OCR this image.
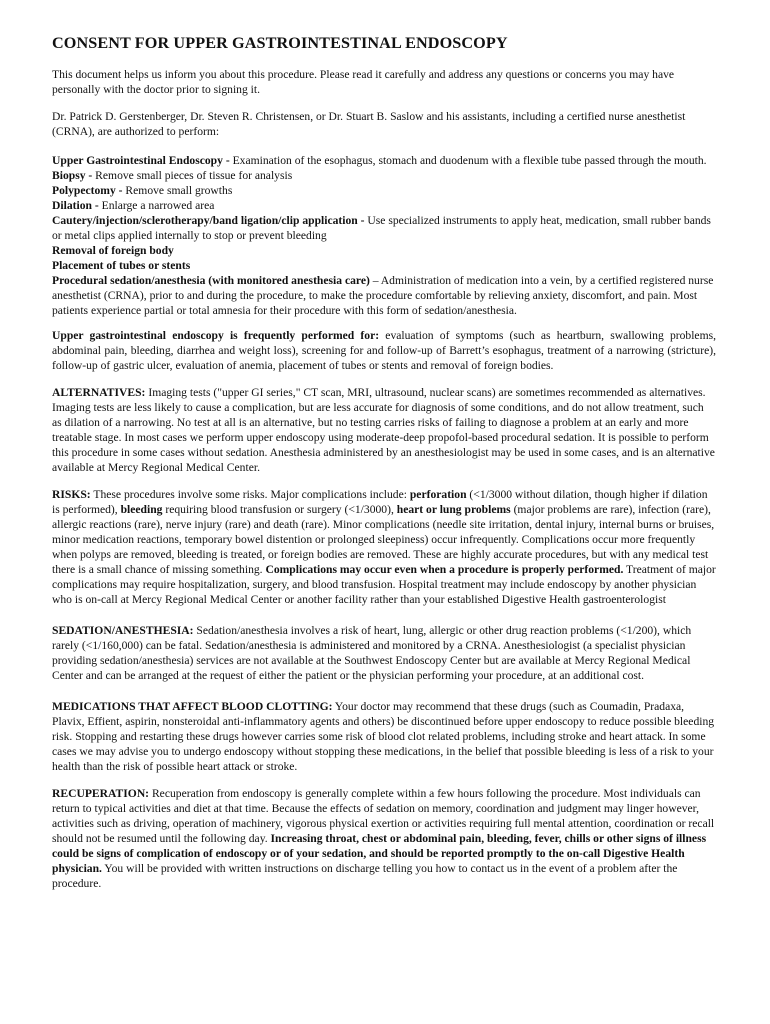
CONSENT FOR UPPER GASTROINTESTINAL ENDOSCOPY

This document helps us inform you about this procedure. Please read it carefully and address any questions or concerns you may have personally with the doctor prior to signing it.

Dr. Patrick D. Gerstenberger, Dr. Steven R. Christensen, or Dr. Stuart B. Saslow and his assistants, including a certified nurse anesthetist (CRNA), are authorized to perform:

Upper Gastrointestinal Endoscopy - Examination of the esophagus, stomach and duodenum with a flexible tube passed through the mouth.
Biopsy - Remove small pieces of tissue for analysis
Polypectomy - Remove small growths
Dilation - Enlarge a narrowed area
Cautery/injection/sclerotherapy/band ligation/clip application - Use specialized instruments to apply heat, medication, small rubber bands or metal clips applied internally to stop or prevent bleeding
Removal of foreign body
Placement of tubes or stents
Procedural sedation/anesthesia (with monitored anesthesia care) – Administration of medication into a vein, by a certified registered nurse anesthetist (CRNA), prior to and during the procedure, to make the procedure comfortable by relieving anxiety, discomfort, and pain. Most patients experience partial or total amnesia for their procedure with this form of sedation/anesthesia.

Upper gastrointestinal endoscopy is frequently performed for: evaluation of symptoms (such as heartburn, swallowing problems, abdominal pain, bleeding, diarrhea and weight loss), screening for and follow-up of Barrett’s esophagus, treatment of a narrowing (stricture), follow-up of gastric ulcer, evaluation of anemia, placement of tubes or stents and removal of foreign bodies.

ALTERNATIVES: Imaging tests ("upper GI series," CT scan, MRI, ultrasound, nuclear scans) are sometimes recommended as alternatives. Imaging tests are less likely to cause a complication, but are less accurate for diagnosis of some conditions, and do not allow treatment, such as dilation of a narrowing. No test at all is an alternative, but no testing carries risks of failing to diagnose a problem at an early and more treatable stage. In most cases we perform upper endoscopy using moderate-deep propofol-based procedural sedation. It is possible to perform this procedure in some cases without sedation. Anesthesia administered by an anesthesiologist may be used in some cases, and is an alternative available at Mercy Regional Medical Center.

RISKS: These procedures involve some risks. Major complications include: perforation (<1/3000 without dilation, though higher if dilation is performed), bleeding requiring blood transfusion or surgery (<1/3000), heart or lung problems (major problems are rare), infection (rare), allergic reactions (rare), nerve injury (rare) and death (rare). Minor complications (needle site irritation, dental injury, internal burns or bruises, minor medication reactions, temporary bowel distention or prolonged sleepiness) occur infrequently. Complications occur more frequently when polyps are removed, bleeding is treated, or foreign bodies are removed. These are highly accurate procedures, but with any medical test there is a small chance of missing something. Complications may occur even when a procedure is properly performed. Treatment of major complications may require hospitalization, surgery, and blood transfusion. Hospital treatment may include endoscopy by another physician who is on-call at Mercy Regional Medical Center or another facility rather than your established Digestive Health gastroenterologist

SEDATION/ANESTHESIA: Sedation/anesthesia involves a risk of heart, lung, allergic or other drug reaction problems (<1/200), which rarely (<1/160,000) can be fatal. Sedation/anesthesia is administered and monitored by a CRNA. Anesthesiologist (a specialist physician providing sedation/anesthesia) services are not available at the Southwest Endoscopy Center but are available at Mercy Regional Medical Center and can be arranged at the request of either the patient or the physician performing your procedure, at an additional cost.

MEDICATIONS THAT AFFECT BLOOD CLOTTING: Your doctor may recommend that these drugs (such as Coumadin, Pradaxa, Plavix, Effient, aspirin, nonsteroidal anti-inflammatory agents and others) be discontinued before upper endoscopy to reduce possible bleeding risk. Stopping and restarting these drugs however carries some risk of blood clot related problems, including stroke and heart attack. In some cases we may advise you to undergo endoscopy without stopping these medications, in the belief that possible bleeding is less of a risk to your health than the risk of possible heart attack or stroke.

RECUPERATION: Recuperation from endoscopy is generally complete within a few hours following the procedure. Most individuals can return to typical activities and diet at that time. Because the effects of sedation on memory, coordination and judgment may linger however, activities such as driving, operation of machinery, vigorous physical exertion or activities requiring full mental attention, coordination or recall should not be resumed until the following day. Increasing throat, chest or abdominal pain, bleeding, fever, chills or other signs of illness could be signs of complication of endoscopy or of your sedation, and should be reported promptly to the on-call Digestive Health physician. You will be provided with written instructions on discharge telling you how to contact us in the event of a problem after the procedure.
